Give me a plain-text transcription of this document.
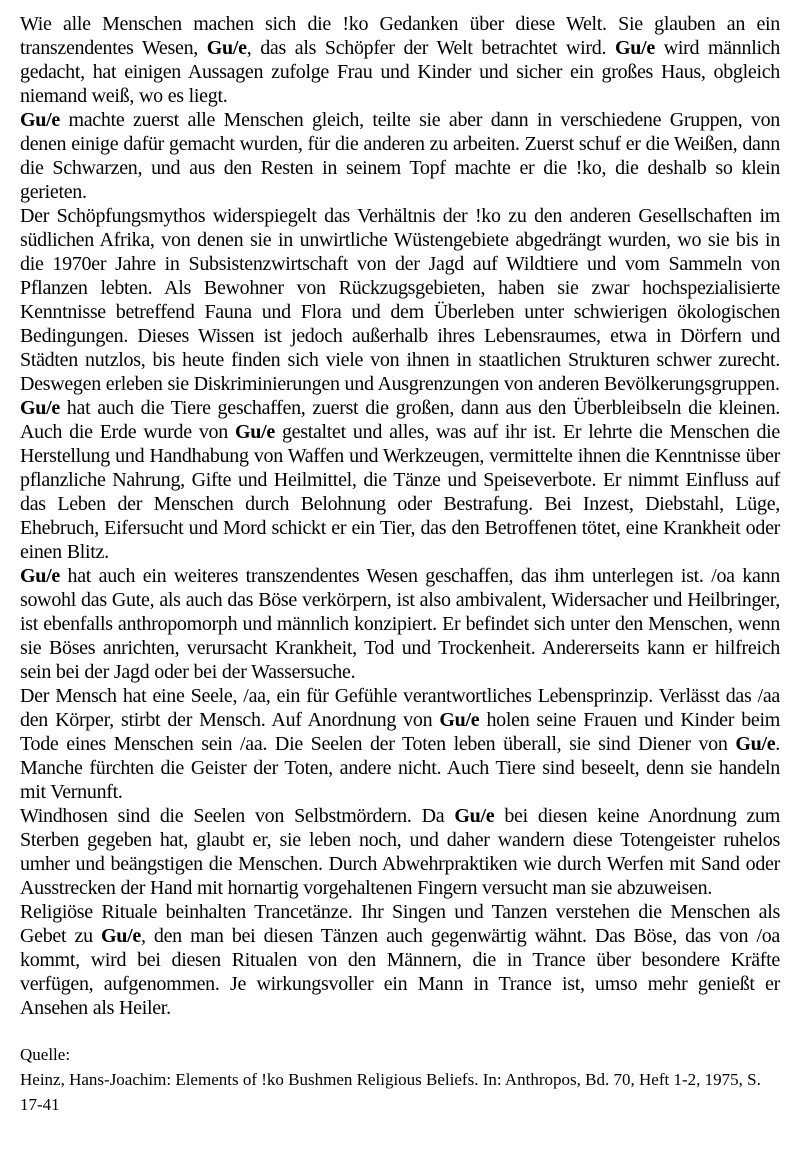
Wie alle Menschen machen sich die !ko Gedanken über diese Welt. Sie glauben an ein transzendentes Wesen, Gu/e, das als Schöpfer der Welt betrachtet wird. Gu/e wird männlich gedacht, hat einigen Aussagen zufolge Frau und Kinder und sicher ein großes Haus, obgleich niemand weiß, wo es liegt.

Gu/e machte zuerst alle Menschen gleich, teilte sie aber dann in verschiedene Gruppen, von denen einige dafür gemacht wurden, für die anderen zu arbeiten. Zuerst schuf er die Weißen, dann die Schwarzen, und aus den Resten in seinem Topf machte er die !ko, die deshalb so klein gerieten.

Der Schöpfungsmythos widerspiegelt das Verhältnis der !ko zu den anderen Gesellschaften im südlichen Afrika, von denen sie in unwirtliche Wüstengebiete abgedrängt wurden, wo sie bis in die 1970er Jahre in Subsistenzwirtschaft von der Jagd auf Wildtiere und vom Sammeln von Pflanzen lebten. Als Bewohner von Rückzugsgebieten, haben sie zwar hochspezialisierte Kenntnisse betreffend Fauna und Flora und dem Überleben unter schwierigen ökologischen Bedingungen. Dieses Wissen ist jedoch außerhalb ihres Lebensraumes, etwa in Dörfern und Städten nutzlos, bis heute finden sich viele von ihnen in staatlichen Strukturen schwer zurecht. Deswegen erleben sie Diskriminierungen und Ausgrenzungen von anderen Bevölkerungsgruppen.

Gu/e hat auch die Tiere geschaffen, zuerst die großen, dann aus den Überbleibseln die kleinen. Auch die Erde wurde von Gu/e gestaltet und alles, was auf ihr ist. Er lehrte die Menschen die Herstellung und Handhabung von Waffen und Werkzeugen, vermittelte ihnen die Kenntnisse über pflanzliche Nahrung, Gifte und Heilmittel, die Tänze und Speiseverbote. Er nimmt Einfluss auf das Leben der Menschen durch Belohnung oder Bestrafung. Bei Inzest, Diebstahl, Lüge, Ehebruch, Eifersucht und Mord schickt er ein Tier, das den Betroffenen tötet, eine Krankheit oder einen Blitz.

Gu/e hat auch ein weiteres transzendentes Wesen geschaffen, das ihm unterlegen ist. /oa kann sowohl das Gute, als auch das Böse verkörpern, ist also ambivalent, Widersacher und Heilbringer, ist ebenfalls anthropomorph und männlich konzipiert. Er befindet sich unter den Menschen, wenn sie Böses anrichten, verursacht Krankheit, Tod und Trockenheit. Andererseits kann er hilfreich sein bei der Jagd oder bei der Wassersuche.

Der Mensch hat eine Seele, /aa, ein für Gefühle verantwortliches Lebensprinzip. Verlässt das /aa den Körper, stirbt der Mensch. Auf Anordnung von Gu/e holen seine Frauen und Kinder beim Tode eines Menschen sein /aa. Die Seelen der Toten leben überall, sie sind Diener von Gu/e. Manche fürchten die Geister der Toten, andere nicht. Auch Tiere sind beseelt, denn sie handeln mit Vernunft.

Windhosen sind die Seelen von Selbstmördern. Da Gu/e bei diesen keine Anordnung zum Sterben gegeben hat, glaubt er, sie leben noch, und daher wandern diese Totengeister ruhelos umher und beängstigen die Menschen. Durch Abwehrpraktiken wie durch Werfen mit Sand oder Ausstrecken der Hand mit hornartig vorgehaltenen Fingern versucht man sie abzuweisen.

Religiöse Rituale beinhalten Trancetänze. Ihr Singen und Tanzen verstehen die Menschen als Gebet zu Gu/e, den man bei diesen Tänzen auch gegenwärtig wähnt. Das Böse, das von /oa kommt, wird bei diesen Ritualen von den Männern, die in Trance über besondere Kräfte verfügen, aufgenommen. Je wirkungsvoller ein Mann in Trance ist, umso mehr genießt er Ansehen als Heiler.

Quelle:
Heinz, Hans-Joachim: Elements of !ko Bushmen Religious Beliefs. In: Anthropos, Bd. 70, Heft 1-2, 1975, S. 17-41
